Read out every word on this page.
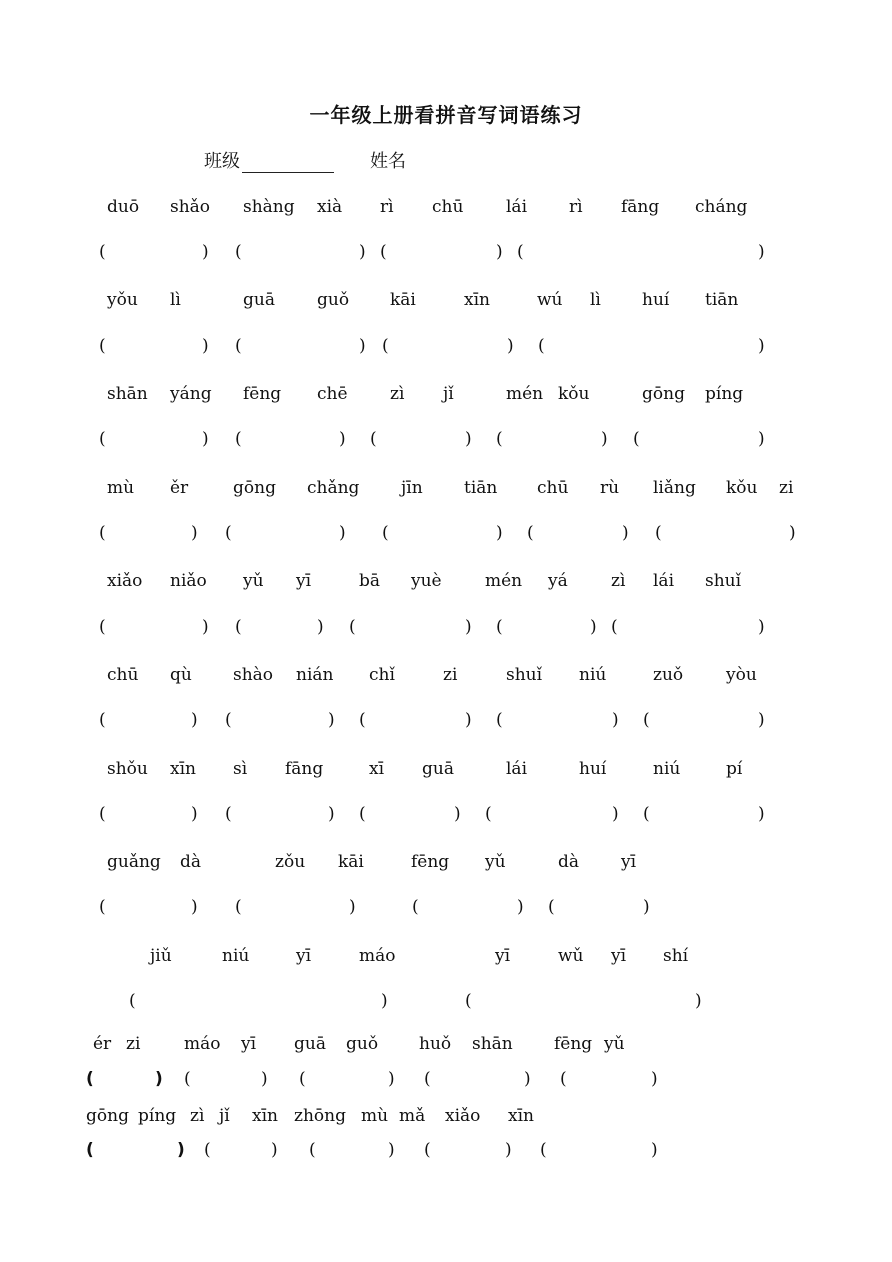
一年级上册看拼音写词语练习
班级	姓名
duō shǎo shàng xià rì chū	lái rì fāng cháng
(	) (	) (	) (	)
yǒu lì	guā guǒ kāi	xīn	wú lì huí tiān
(	) (	) (	) (	)
shān yáng fēng chē zì jǐ	mén kǒu	gōng píng
(	) (	) (	) (	) (	)
mù ěr	gōng chǎng jīn tiān chū rù liǎng kǒu zi
(	) (	) (	) (	) (	)
xiǎo niǎo yǔ yī	bā yuè	mén yá	zì lái shuǐ
(	) (	) (	) (	) (	)
chū qù shào nián chǐ	zi	shuǐ niú	zuǒ	yòu
(	) (	) (	) (	) (	)
shǒu xīn sì fāng	xī guā	lái	huí	niú	pí
(	) (	) (	) (	) (	)
guǎng dà	zǒu kāi	fēng yǔ	dà yī
(	) (	)	(	) (	)
jiǔ	niú	yī	máo	yī	wǔ yī shí
(	)	(	)
ér zi	máo yī guā guǒ huǒ shān fēng yǔ
(	) (	) (	) (	) (	)
gōng píng zì jǐ xīn zhōng mù mǎ xiǎo xīn
(	) (	) (	) (	) (	)
